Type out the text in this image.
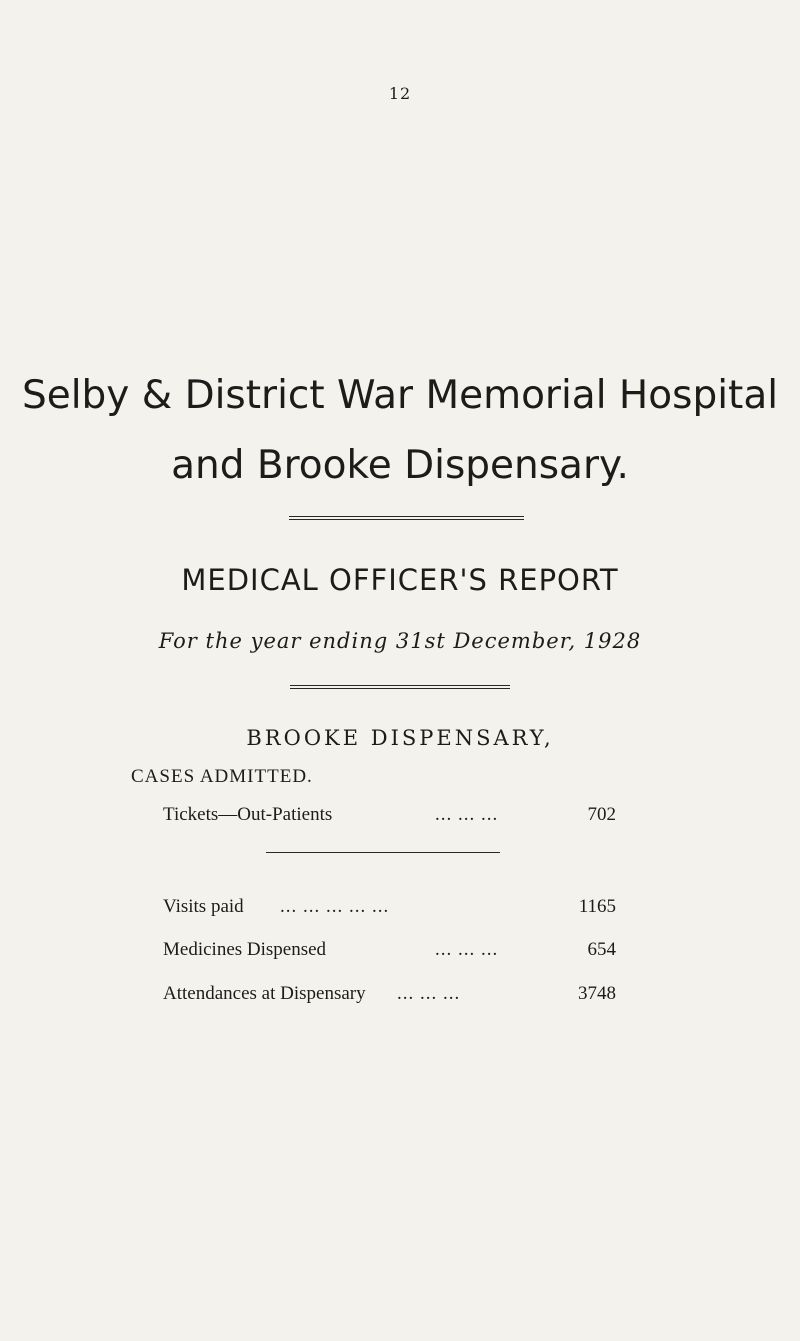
12
Selby & District War Memorial Hospital
and Brooke Dispensary.
MEDICAL OFFICER'S REPORT
For the year ending 31st December, 1928
BROOKE DISPENSARY,
CASES ADMITTED.
Tickets—Out-Patients	... ... ...	702
Visits paid ... ... ... ... ...	1165
Medicines Dispensed	... ... ...	654
Attendances at Dispensary ... ... ...	3748
